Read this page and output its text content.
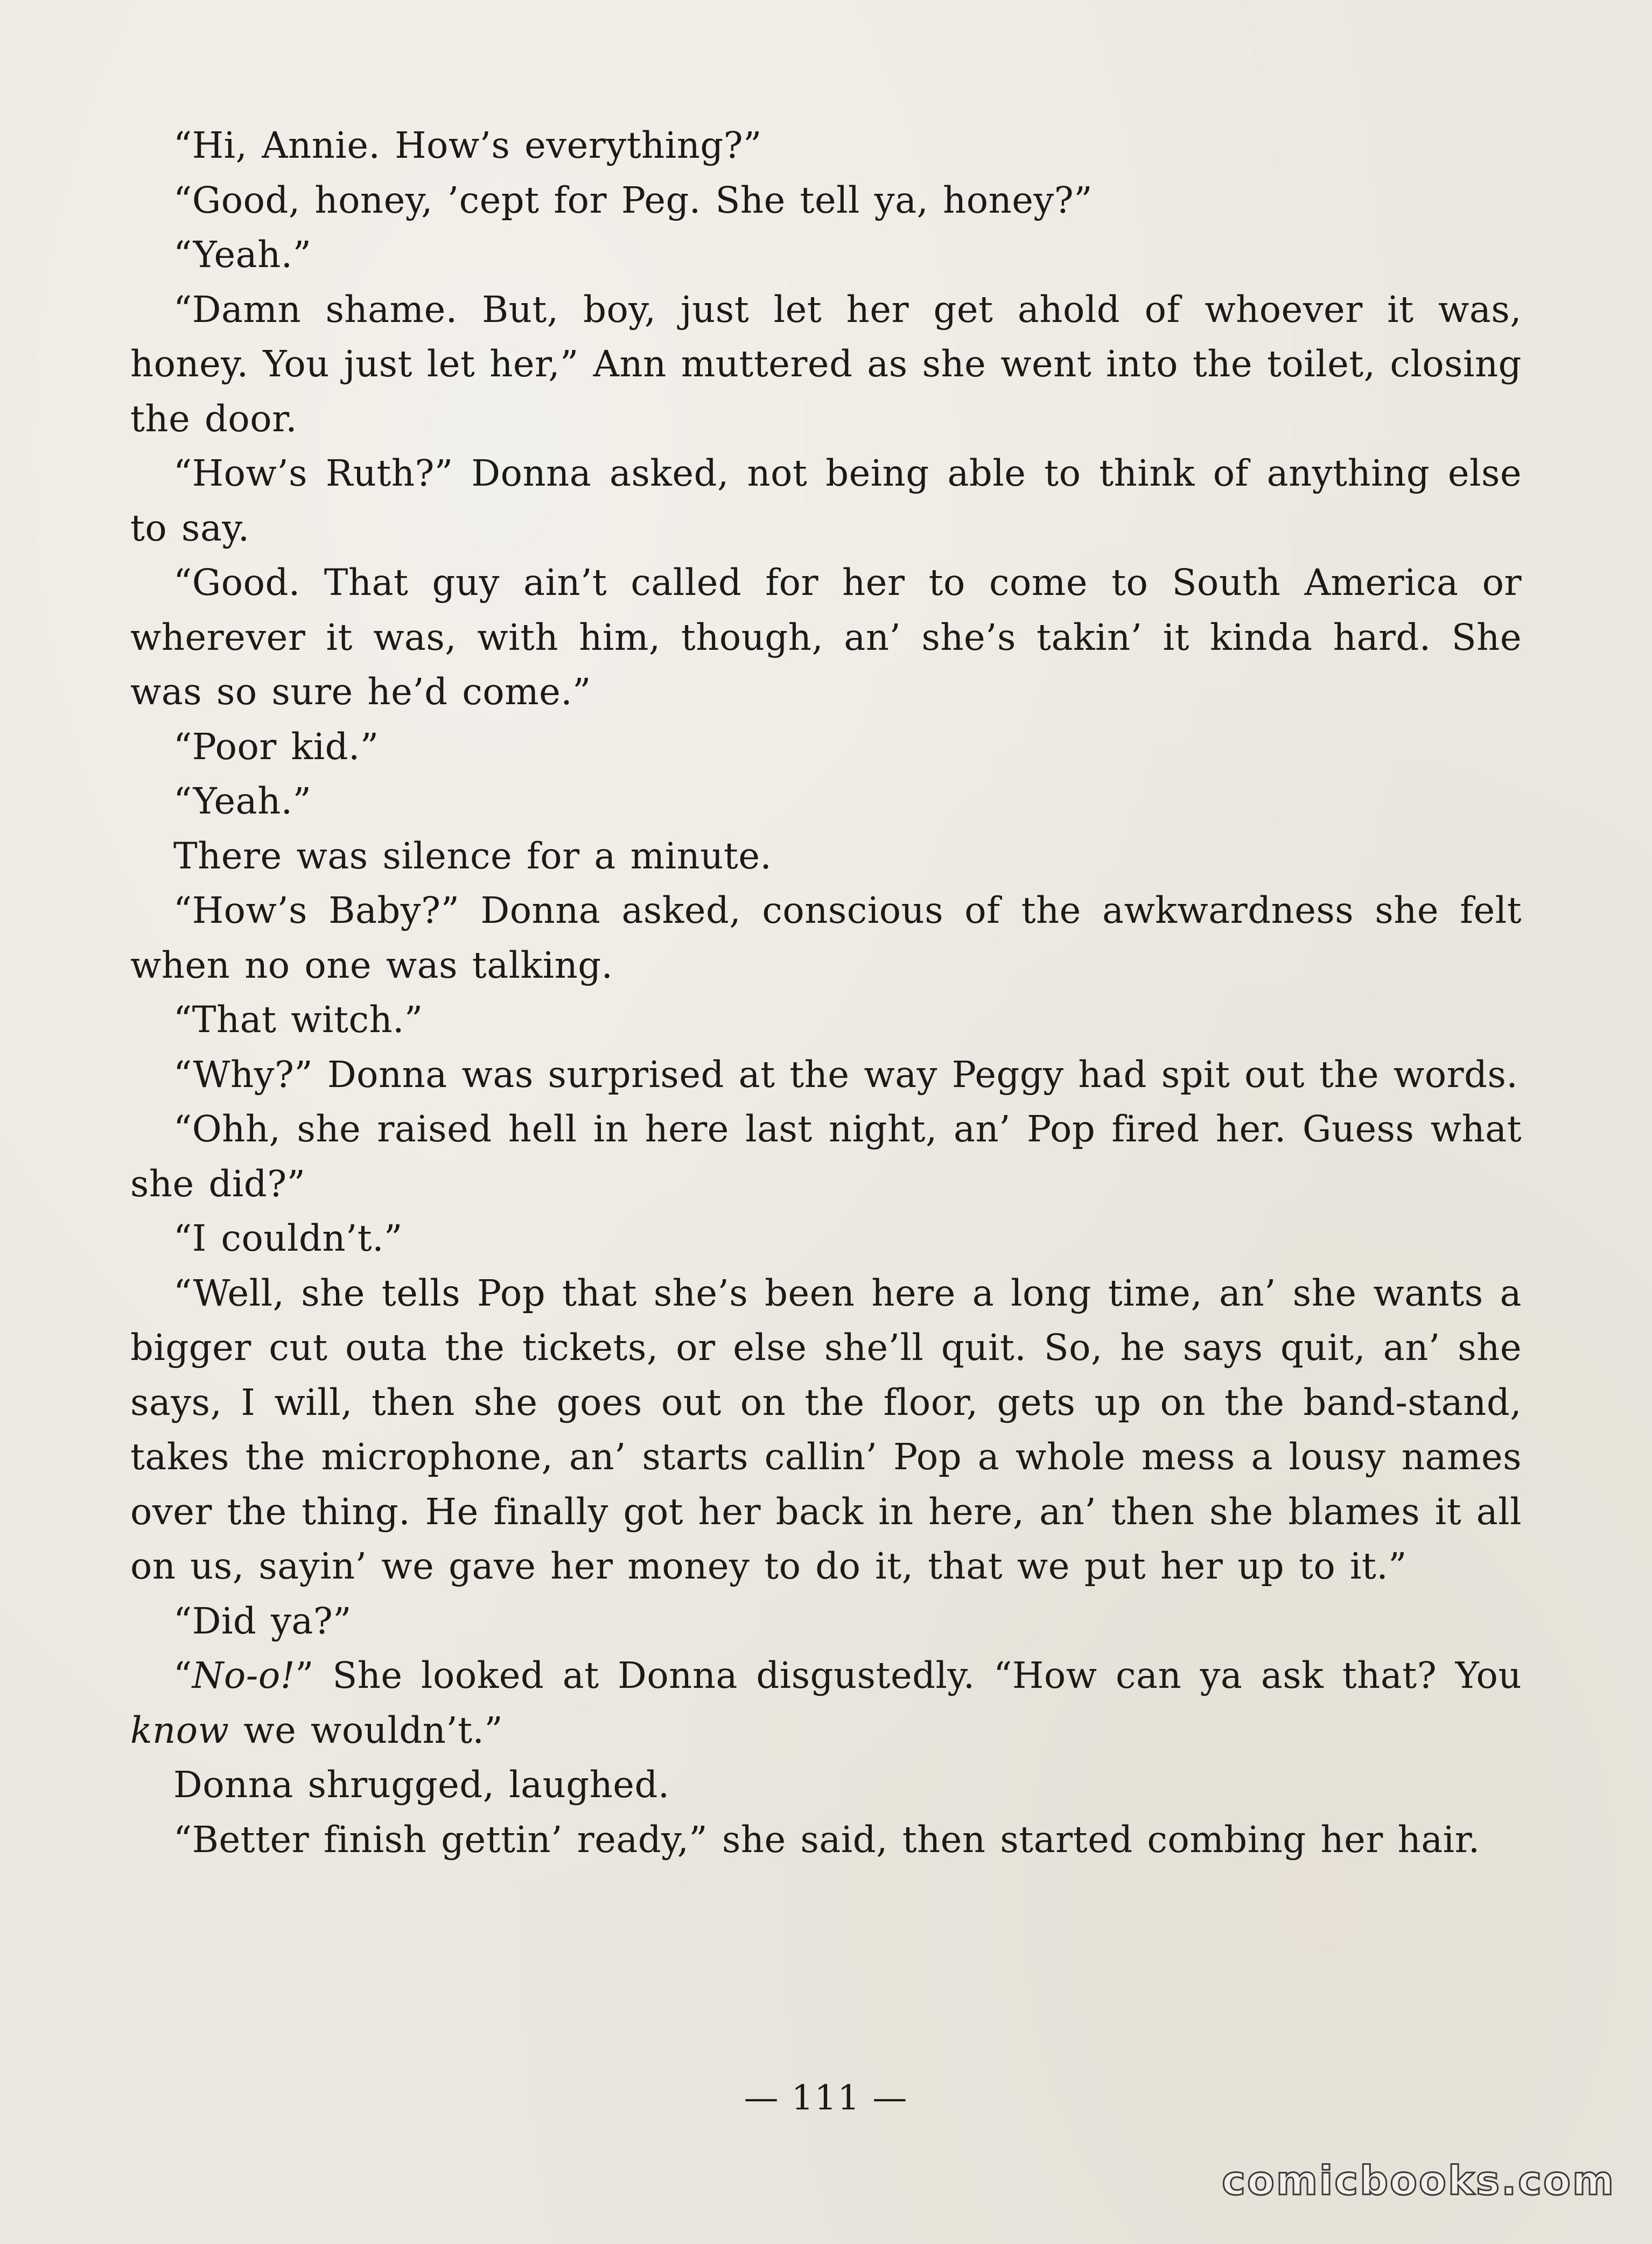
“Hi, Annie. How’s everything?”

“Good, honey, ’cept for Peg. She tell ya, honey?”

“Yeah.”

“Damn shame. But, boy, just let her get ahold of whoever it was, honey. You just let her,” Ann muttered as she went into the toilet, closing the door.

“How’s Ruth?” Donna asked, not being able to think of anything else to say.

“Good. That guy ain’t called for her to come to South America or wherever it was, with him, though, an’ she’s takin’ it kinda hard. She was so sure he’d come.”

“Poor kid.”

“Yeah.”

There was silence for a minute.

“How’s Baby?” Donna asked, conscious of the awkwardness she felt when no one was talking.

“That witch.”

“Why?” Donna was surprised at the way Peggy had spit out the words.

“Ohh, she raised hell in here last night, an’ Pop fired her. Guess what she did?”

“I couldn’t.”

“Well, she tells Pop that she’s been here a long time, an’ she wants a bigger cut outa the tickets, or else she’ll quit. So, he says quit, an’ she says, I will, then she goes out on the floor, gets up on the band-stand, takes the microphone, an’ starts callin’ Pop a whole mess a lousy names over the thing. He finally got her back in here, an’ then she blames it all on us, sayin’ we gave her money to do it, that we put her up to it.”

“Did ya?”

“No-o!” She looked at Donna disgustedly. “How can ya ask that? You know we wouldn’t.”

Donna shrugged, laughed.

“Better finish gettin’ ready,” she said, then started combing her hair.

— 111 —
comicbooks.com
